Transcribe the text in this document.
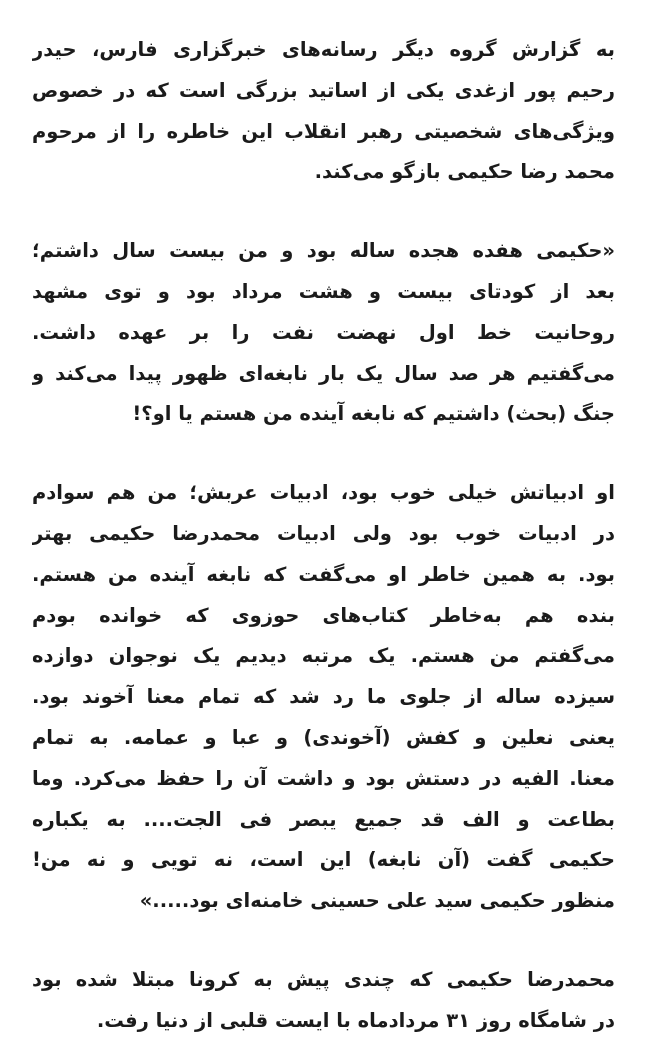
به گزارش گروه دیگر رسانه‌های خبرگزاری فارس، حیدر
رحیم پور ازغدی یکی از اساتید بزرگی است که در خصوص
ویژگی‌های شخصیتی رهبر انقلاب این خاطره را از مرحوم
محمد رضا حکیمی بازگو می‌کند.
«حکیمی هفده هجده ساله بود و من بیست سال داشتم؛
بعد از کودتای بیست و هشت مرداد بود و توی مشهد
روحانیت خط اول نهضت نفت را بر عهده داشت.
می‌گفتیم هر صد سال یک بار نابغه‌ای ظهور پیدا می‌کند و
جنگ (بحث) داشتیم که نابغه آینده من هستم یا او؟!
او ادبیاتش خیلی خوب بود، ادبیات عربش؛ من هم سوادم
در ادبیات خوب بود ولی ادبیات محمدرضا حکیمی بهتر
بود. به همین خاطر او می‌گفت که نابغه آینده من هستم.
بنده هم به‌خاطر کتاب‌های حوزوی که خوانده بودم
می‌گفتم من هستم. یک مرتبه دیدیم یک نوجوان دوازده
سیزده ساله از جلوی ما رد شد که تمام معنا آخوند بود.
یعنی نعلین و کفش (آخوندی) و عبا و عمامه. به تمام
معنا. الفیه در دستش بود و داشت آن را حفظ می‌کرد. وما
بطاعت و الف قد جمیع یبصر فی الجت.... به یکباره
حکیمی گفت (آن نابغه) این است، نه تویی و نه من!
منظور حکیمی سید علی حسینی خامنه‌ای بود.....»
محمدرضا حکیمی که چندی پیش به کرونا مبتلا شده بود
در شامگاه روز ۳۱ مردادماه با ایست قلبی از دنیا رفت.
